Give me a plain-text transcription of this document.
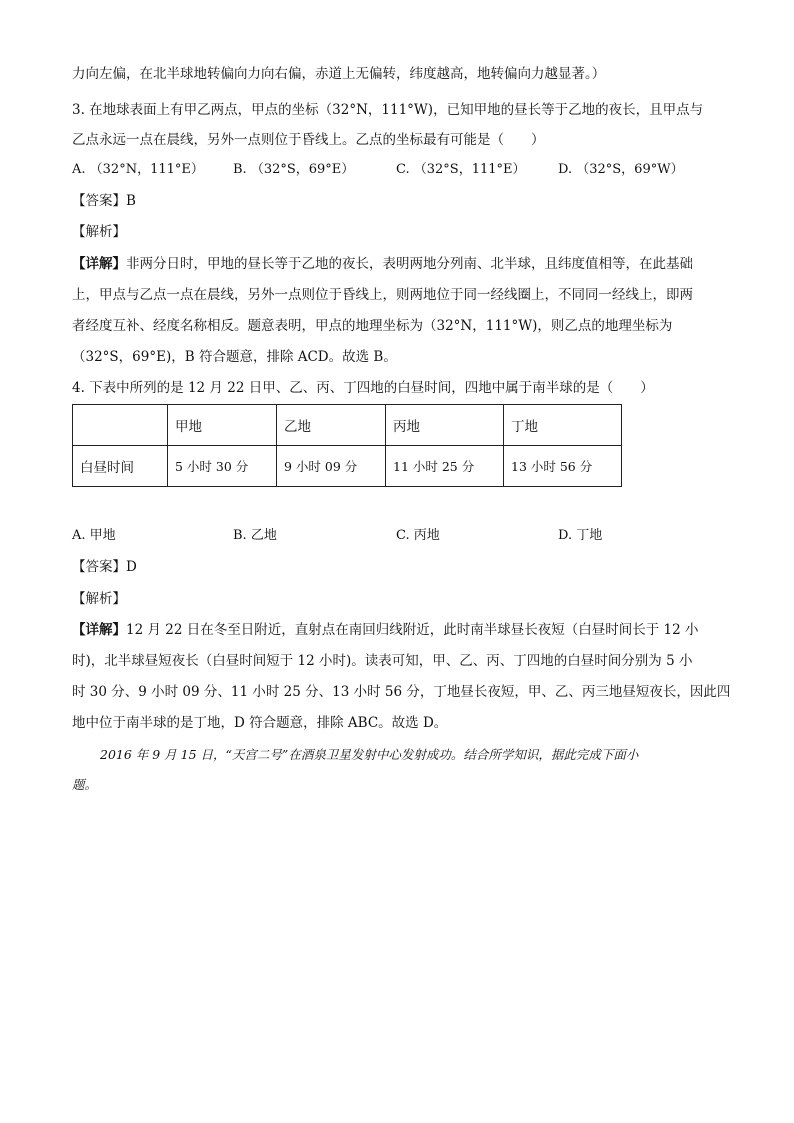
力向左偏，在北半球地转偏向力向右偏，赤道上无偏转，纬度越高，地转偏向力越显著。）
3. 在地球表面上有甲乙两点，甲点的坐标（32°N，111°W)，已知甲地的昼长等于乙地的夜长，且甲点与
乙点永远一点在晨线，另外一点则位于昏线上。乙点的坐标最有可能是（　　）
A. （32°N，111°E） B. （32°S，69°E）	C. （32°S，111°E）	D. （32°S，69°W）
【答案】B
【解析】
【详解】非两分日时，甲地的昼长等于乙地的夜长，表明两地分列南、北半球，且纬度值相等，在此基础
上，甲点与乙点一点在晨线，另外一点则位于昏线上，则两地位于同一经线圈上，不同同一经线上，即两
者经度互补、经度名称相反。题意表明，甲点的地理坐标为（32°N，111°W)，则乙点的地理坐标为
（32°S，69°E)，B 符合题意，排除 ACD。故选 B。
4. 下表中所列的是 12 月 22 日甲、乙、丙、丁四地的白昼时间，四地中属于南半球的是（　　）
	甲地	乙地	丙地	丁地
白昼时间	5 小时 30 分	9 小时 09 分	11 小时 25 分	13 小时 56 分
A. 甲地	B. 乙地	C. 丙地	D. 丁地
【答案】D
【解析】
【详解】12 月 22 日在冬至日附近，直射点在南回归线附近，此时南半球昼长夜短（白昼时间长于 12 小
时)，北半球昼短夜长（白昼时间短于 12 小时)。读表可知，甲、乙、丙、丁四地的白昼时间分别为 5 小
时 30 分、9 小时 09 分、11 小时 25 分、13 小时 56 分，丁地昼长夜短，甲、乙、丙三地昼短夜长，因此四
地中位于南半球的是丁地，D 符合题意，排除 ABC。故选 D。
2016 年 9 月 15 日，“天宫二号”在酒泉卫星发射中心发射成功。结合所学知识，据此完成下面小
题。
